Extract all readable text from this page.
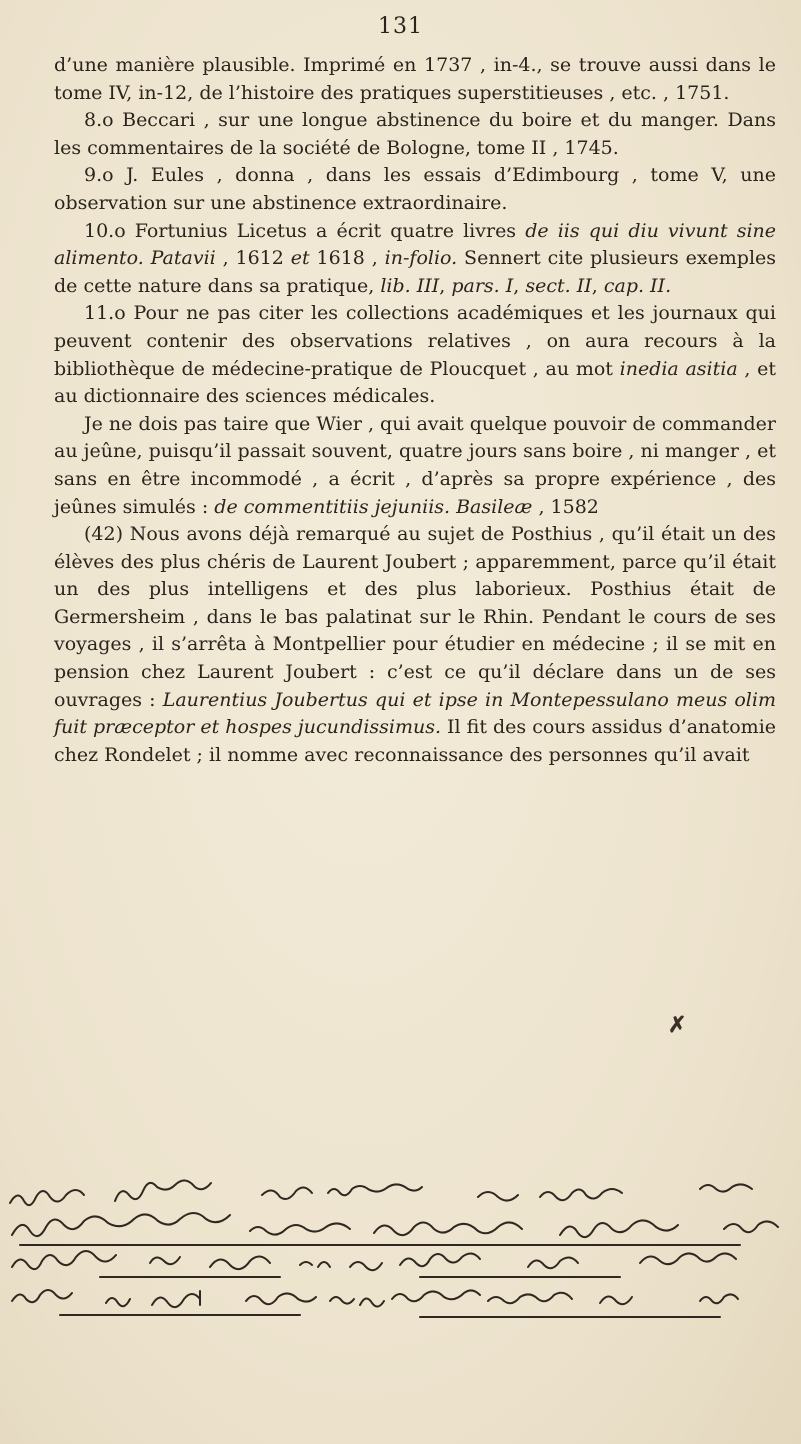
131

d’une manière plausible. Imprimé en 1737 , in-4., se trouve aussi dans le tome IV, in-12, de l’histoire des pratiques superstitieuses , etc. , 1751.

8.o Beccari , sur une longue abstinence du boire et du manger. Dans les commentaires de la société de Bologne, tome II , 1745.

9.o J. Eules , donna , dans les essais d’Edimbourg , tome V, une observation sur une abstinence extraordinaire.

10.o Fortunius Licetus a écrit quatre livres de iis qui diu vivunt sine alimento. Patavii , 1612 et 1618 , in-folio. Sennert cite plusieurs exemples de cette nature dans sa pratique, lib. III, pars. I, sect. II, cap. II.

11.o Pour ne pas citer les collections académiques et les journaux qui peuvent contenir des observations relatives , on aura recours à la bibliothèque de médecine-pratique de Ploucquet , au mot inedia asitia , et au dictionnaire des sciences médicales.

Je ne dois pas taire que Wier , qui avait quelque pouvoir de commander au jeûne, puisqu’il passait souvent, quatre jours sans boire , ni manger , et sans en être incommodé , a écrit , d’après sa propre expérience , des jeûnes simulés : de commentitiis jejuniis. Basileæ , 1582

(42) Nous avons déjà remarqué au sujet de Posthius , qu’il était un des élèves des plus chéris de Laurent Joubert ; apparemment, parce qu’il était un des plus intelligens et des plus laborieux. Posthius était de Germersheim , dans le bas palatinat sur le Rhin. Pendant le cours de ses voyages , il s’arrêta à Montpellier pour étudier en médecine ; il se mit en pension chez Laurent Joubert : c’est ce qu’il déclare dans un de ses ouvrages : Laurentius Joubertus qui et ipse in Montepessulano meus olim fuit præceptor et hospes jucundissimus. Il fit des cours assidus d’anatomie chez Rondelet ; il nomme avec reconnaissance des personnes qu’il avait

✗
